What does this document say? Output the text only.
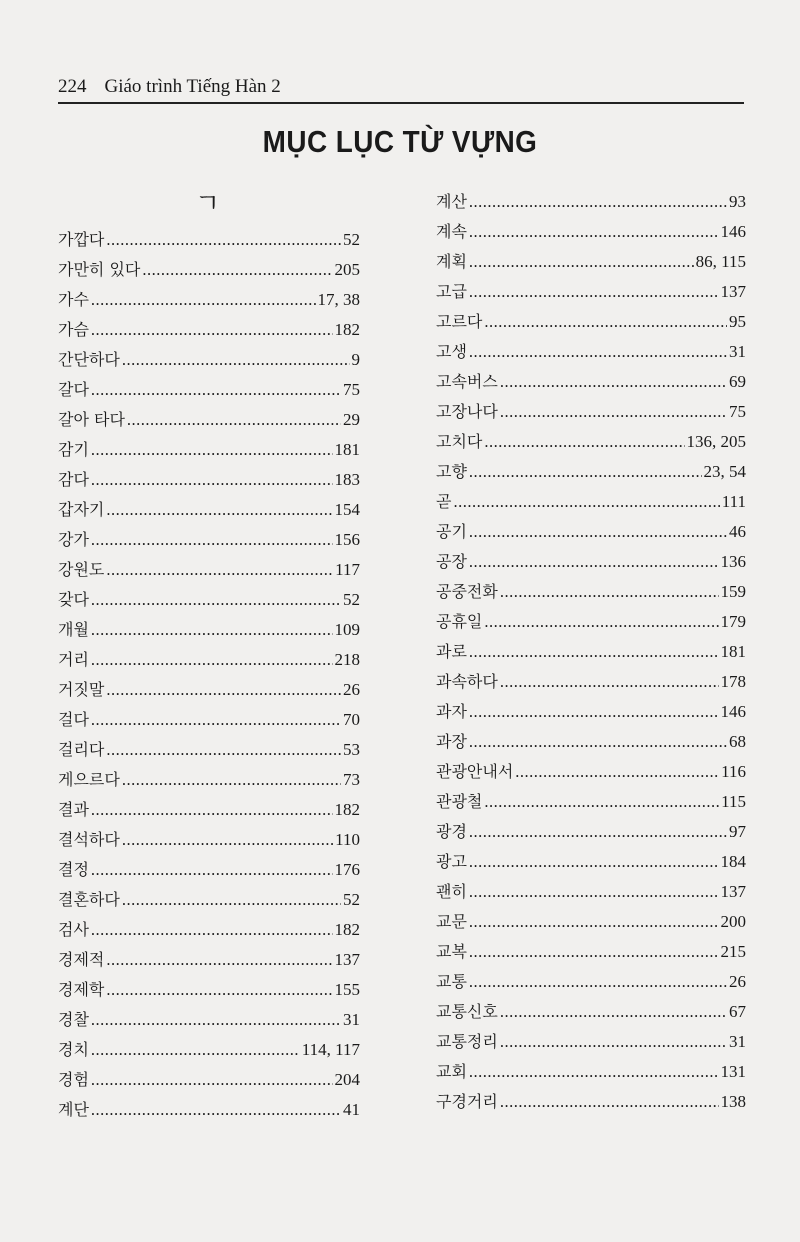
224 Giáo trình Tiếng Hàn 2
MỤC LỤC TỪ VỰNG
ㄱ
가깝다 .....	52
가만히 있다 .....	205
가수 .....	17, 38
가슴 .....	182
간단하다 .....	9
갈다 .....	75
갈아 타다 .....	29
감기 .....	181
감다 .....	183
갑자기 .....	154
강가 .....	156
강원도 .....	117
갖다 .....	52
개월 .....	109
거리 .....	218
거짓말 .....	26
걸다 .....	70
걸리다 .....	53
게으르다 .....	73
결과 .....	182
결석하다 .....	110
결정 .....	176
결혼하다 .....	52
검사 .....	182
경제적 .....	137
경제학 .....	155
경찰 .....	31
경치 .....	114, 117
경험 .....	204
계단 .....	41
계산 .....	93
계속 .....	146
계획 .....	86, 115
고급 .....	137
고르다 .....	95
고생 .....	31
고속버스 .....	69
고장나다 .....	75
고치다 .....	136, 205
고향 .....	23, 54
곧 .....	111
공기 .....	46
공장 .....	136
공중전화 .....	159
공휴일 .....	179
과로 .....	181
과속하다 .....	178
과자 .....	146
과장 .....	68
관광안내서 .....	116
관광철 .....	115
광경 .....	97
광고 .....	184
괜히 .....	137
교문 .....	200
교복 .....	215
교통 .....	26
교통신호 .....	67
교통정리 .....	31
교회 .....	131
구경거리 .....	138
